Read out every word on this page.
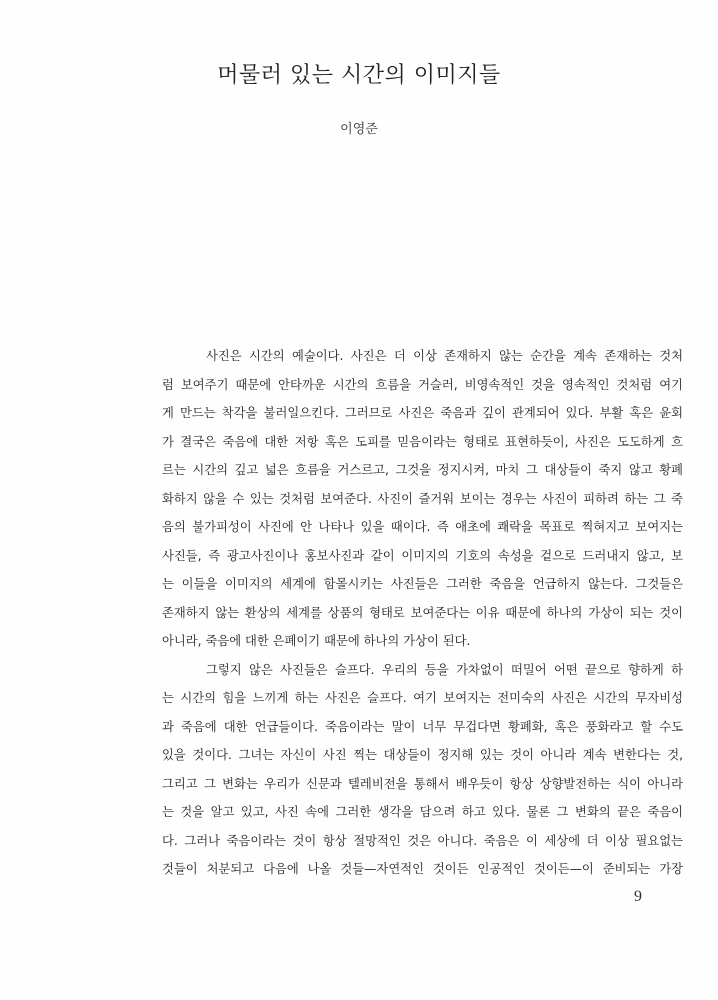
머물러 있는 시간의 이미지들
이영준
사진은 시간의 예술이다. 사진은 더 이상 존재하지 않는 순간을 계속 존재하는 것처
럼 보여주기 때문에 안타까운 시간의 흐름을 거슬러, 비영속적인 것을 영속적인 것처럼 여기
게 만드는 착각을 불러일으킨다. 그러므로 사진은 죽음과 깊이 관계되어 있다. 부활 혹은 윤회
가 결국은 죽음에 대한 저항 혹은 도피를 믿음이라는 형태로 표현하듯이, 사진은 도도하게 흐
르는 시간의 깊고 넓은 흐름을 거스르고, 그것을 정지시켜, 마치 그 대상들이 죽지 않고 황폐
화하지 않을 수 있는 것처럼 보여준다. 사진이 즐거워 보이는 경우는 사진이 피하려 하는 그 죽
음의 불가피성이 사진에 안 나타나 있을 때이다. 즉 애초에 쾌락을 목표로 찍혀지고 보여지는
사진들, 즉 광고사진이나 홍보사진과 같이 이미지의 기호의 속성을 겉으로 드러내지 않고, 보
는 이들을 이미지의 세계에 함몰시키는 사진들은 그러한 죽음을 언급하지 않는다. 그것들은
존재하지 않는 환상의 세계를 상품의 형태로 보여준다는 이유 때문에 하나의 가상이 되는 것이
아니라, 죽음에 대한 은폐이기 때문에 하나의 가상이 된다.
그렇지 않은 사진들은 슬프다. 우리의 등을 가차없이 떠밀어 어떤 끝으로 향하게 하
는 시간의 힘을 느끼게 하는 사진은 슬프다. 여기 보여지는 전미숙의 사진은 시간의 무자비성
과 죽음에 대한 언급들이다. 죽음이라는 말이 너무 무겁다면 황폐화, 혹은 풍화라고 할 수도
있을 것이다. 그녀는 자신이 사진 찍는 대상들이 정지해 있는 것이 아니라 계속 변한다는 것,
그리고 그 변화는 우리가 신문과 텔레비전을 통해서 배우듯이 항상 상향발전하는 식이 아니라
는 것을 알고 있고, 사진 속에 그러한 생각을 담으려 하고 있다. 물론 그 변화의 끝은 죽음이
다. 그러나 죽음이라는 것이 항상 절망적인 것은 아니다. 죽음은 이 세상에 더 이상 필요없는
것들이 처분되고 다음에 나올 것들—자연적인 것이든 인공적인 것이든—이 준비되는 가장
9
